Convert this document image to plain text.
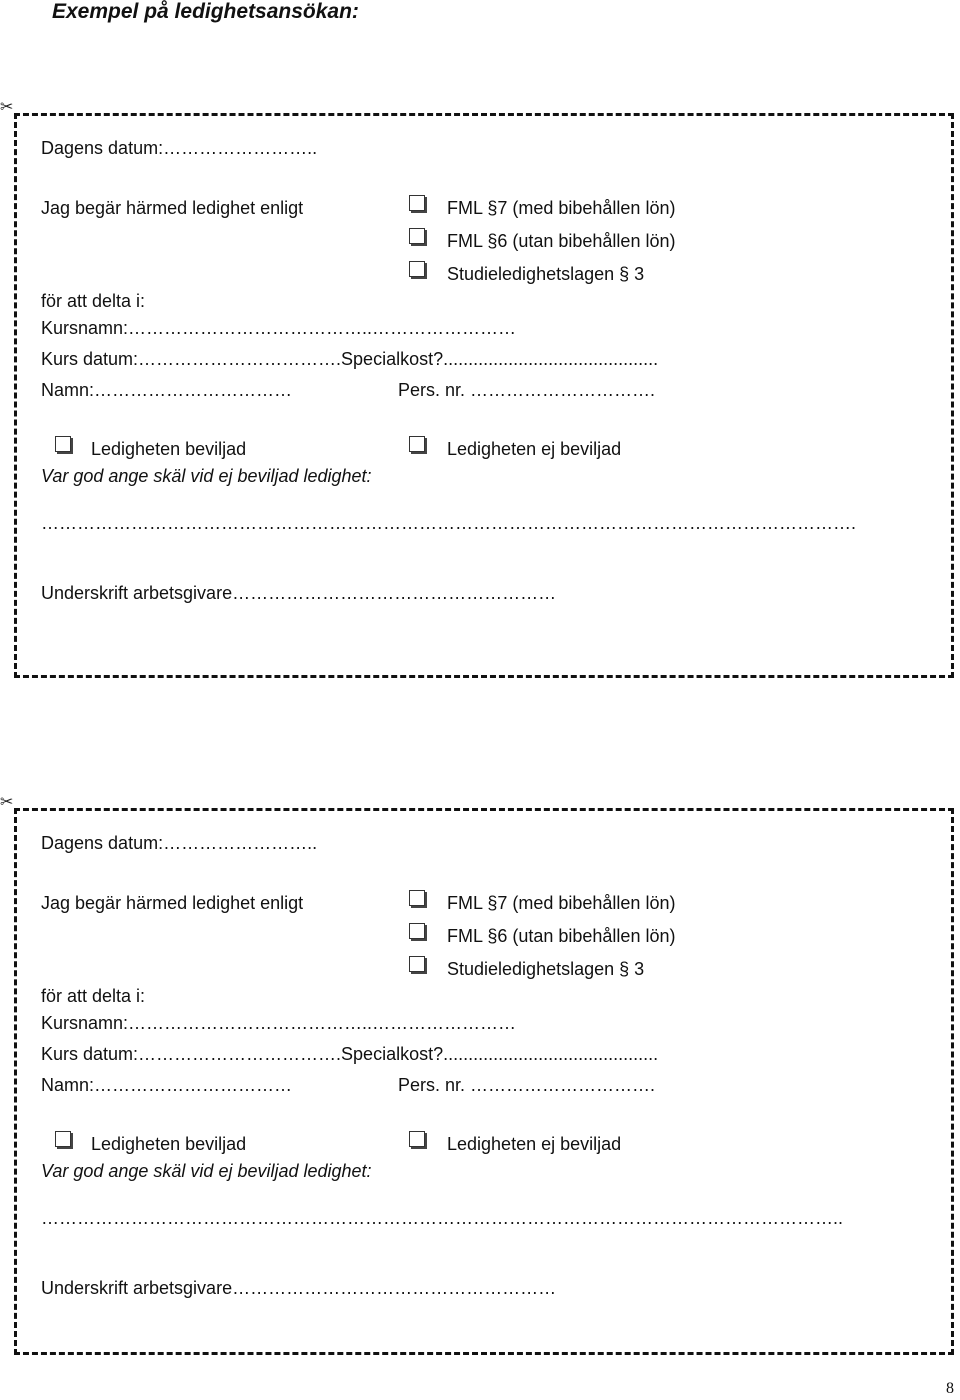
Exempel på ledighetsansökan:
✂
Dagens datum:……………………..
Jag begär härmed ledighet enligt	FML §7 (med bibehållen lön)
FML §6 (utan bibehållen lön)
Studieledighetslagen § 3
för att delta i:
Kursnamn:…………………………………..……………………
Kurs datum:…………………………….Specialkost?...........................................
Namn:……………………………	Pers. nr. ………………………….
Ledigheten beviljad	Ledigheten ej beviljad
Var god ange skäl vid ej beviljad ledighet:
……………………………………………………………………………………………………………………….
Underskrift arbetsgivare………………………………………………
✂
Dagens datum:……………………..
Jag begär härmed ledighet enligt	FML §7 (med bibehållen lön)
FML §6 (utan bibehållen lön)
Studieledighetslagen § 3
för att delta i:
Kursnamn:…………………………………..……………………
Kurs datum:…………………………….Specialkost?...........................................
Namn:……………………………	Pers. nr. ………………………….
Ledigheten beviljad	Ledigheten ej beviljad
Var god ange skäl vid ej beviljad ledighet:
……………………………………………………………………………………………………………………..
Underskrift arbetsgivare………………………………………………
8
